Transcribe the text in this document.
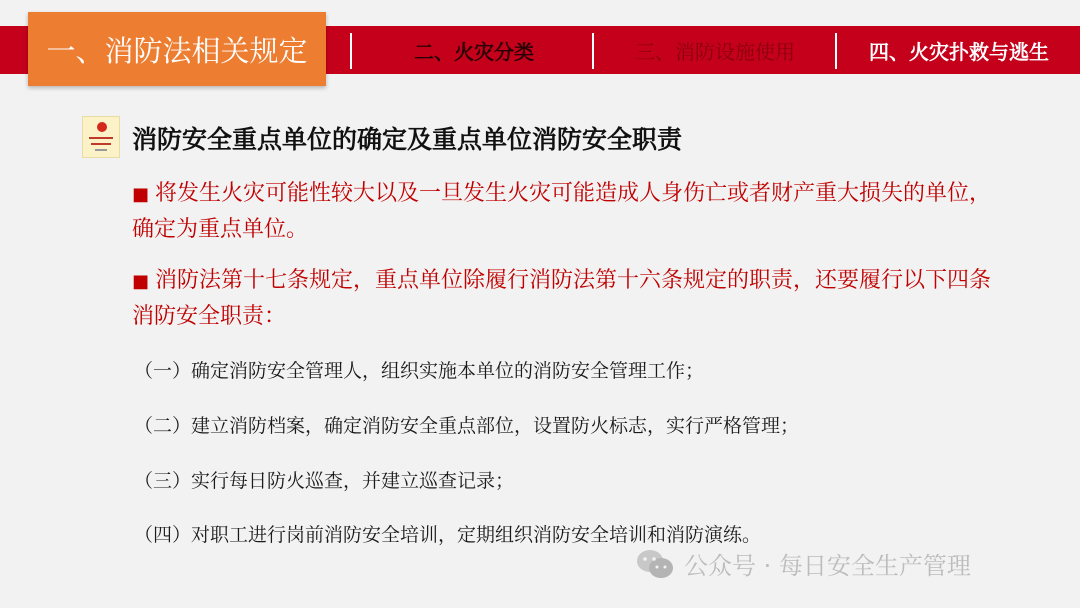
二、火灾分类	三、消防设施使用	四、火灾扑救与逃生
一、消防法相关规定
消防安全重点单位的确定及重点单位消防安全职责
■ 将发生火灾可能性较大以及一旦发生火灾可能造成人身伤亡或者财产重大损失的单位，确定为重点单位。
■ 消防法第十七条规定，重点单位除履行消防法第十六条规定的职责，还要履行以下四条消防安全职责：
（一）确定消防安全管理人，组织实施本单位的消防安全管理工作；
（二）建立消防档案，确定消防安全重点部位，设置防火标志，实行严格管理；
（三）实行每日防火巡查，并建立巡查记录；
（四）对职工进行岗前消防安全培训，定期组织消防安全培训和消防演练。
公众号 · 每日安全生产管理
